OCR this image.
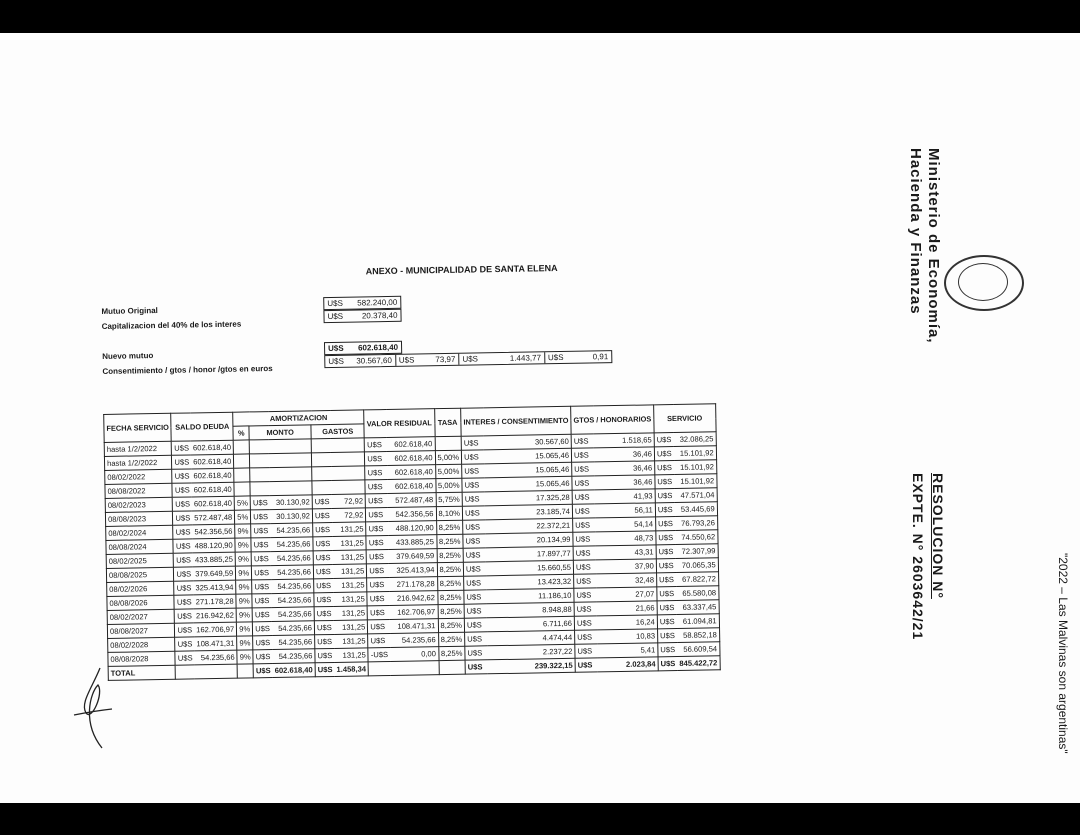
ANEXO - MUNICIPALIDAD DE SANTA ELENA
Mutuo Original
Capitalizacion del 40% de los interes
U$S	582.240,00
U$S	20.378,40
Nuevo mutuo
Consentimiento / gtos / honor /gtos en euros
U$S	602.618,40
U$S	30.567,60 U$S	73,97 U$S	1.443,77 U$S	0,91
FECHA SERVICIO	SALDO DEUDA		AMORTIZACION					VALOR RESIDUAL		TASA	INTERES / CONSENTIMIENTO		GTOS / HONORARIOS		SERVICIO	
			%	MONTO		GASTOS										
hasta 1/2/2022	U$S	602.618,40						U$S	602.618,40		U$S	30.567,60	U$S	1.518,65	U$S	32.086,25
hasta 1/2/2022	U$S	602.618,40						U$S	602.618,40	5,00%	U$S	15.065,46	U$S	36,46	U$S	15.101,92
08/02/2022	U$S	602.618,40						U$S	602.618,40	5,00%	U$S	15.065,46	U$S	36,46	U$S	15.101,92
08/08/2022	U$S	602.618,40						U$S	602.618,40	5,00%	U$S	15.065,46	U$S	36,46	U$S	15.101,92
08/02/2023	U$S	602.618,40	5%	U$S	30.130,92	U$S	72,92	U$S	572.487,48	5,75%	U$S	17.325,28	U$S	41,93	U$S	47.571,04
08/08/2023	U$S	572.487,48	5%	U$S	30.130,92	U$S	72,92	U$S	542.356,56	8,10%	U$S	23.185,74	U$S	56,11	U$S	53.445,69
08/02/2024	U$S	542.356,56	9%	U$S	54.235,66	U$S	131,25	U$S	488.120,90	8,25%	U$S	22.372,21	U$S	54,14	U$S	76.793,26
08/08/2024	U$S	488.120,90	9%	U$S	54.235,66	U$S	131,25	U$S	433.885,25	8,25%	U$S	20.134,99	U$S	48,73	U$S	74.550,62
08/02/2025	U$S	433.885,25	9%	U$S	54.235,66	U$S	131,25	U$S	379.649,59	8,25%	U$S	17.897,77	U$S	43,31	U$S	72.307,99
08/08/2025	U$S	379.649,59	9%	U$S	54.235,66	U$S	131,25	U$S	325.413,94	8,25%	U$S	15.660,55	U$S	37,90	U$S	70.065,35
08/02/2026	U$S	325.413,94	9%	U$S	54.235,66	U$S	131,25	U$S	271.178,28	8,25%	U$S	13.423,32	U$S	32,48	U$S	67.822,72
08/08/2026	U$S	271.178,28	9%	U$S	54.235,66	U$S	131,25	U$S	216.942,62	8,25%	U$S	11.186,10	U$S	27,07	U$S	65.580,08
08/02/2027	U$S	216.942,62	9%	U$S	54.235,66	U$S	131,25	U$S	162.706,97	8,25%	U$S	8.948,88	U$S	21,66	U$S	63.337,45
08/08/2027	U$S	162.706,97	9%	U$S	54.235,66	U$S	131,25	U$S	108.471,31	8,25%	U$S	6.711,66	U$S	16,24	U$S	61.094,81
08/02/2028	U$S	108.471,31	9%	U$S	54.235,66	U$S	131,25	U$S	54.235,66	8,25%	U$S	4.474,44	U$S	10,83	U$S	58.852,18
08/08/2028	U$S	54.235,66	9%	U$S	54.235,66	U$S	131,25	-U$S	0,00	8,25%	U$S	2.237,22	U$S	5,41	U$S	56.609,54
TOTAL				U$S	602.618,40	U$S	1.458,34				U$S	239.322,15	U$S	2.023,84	U$S	845.422,72
Ministerio de Economía,
Hacienda y Finanzas
RESOLUCION N°
EXPTE. N° 2603642/21	"2022 – Las Malvinas son argentinas"
